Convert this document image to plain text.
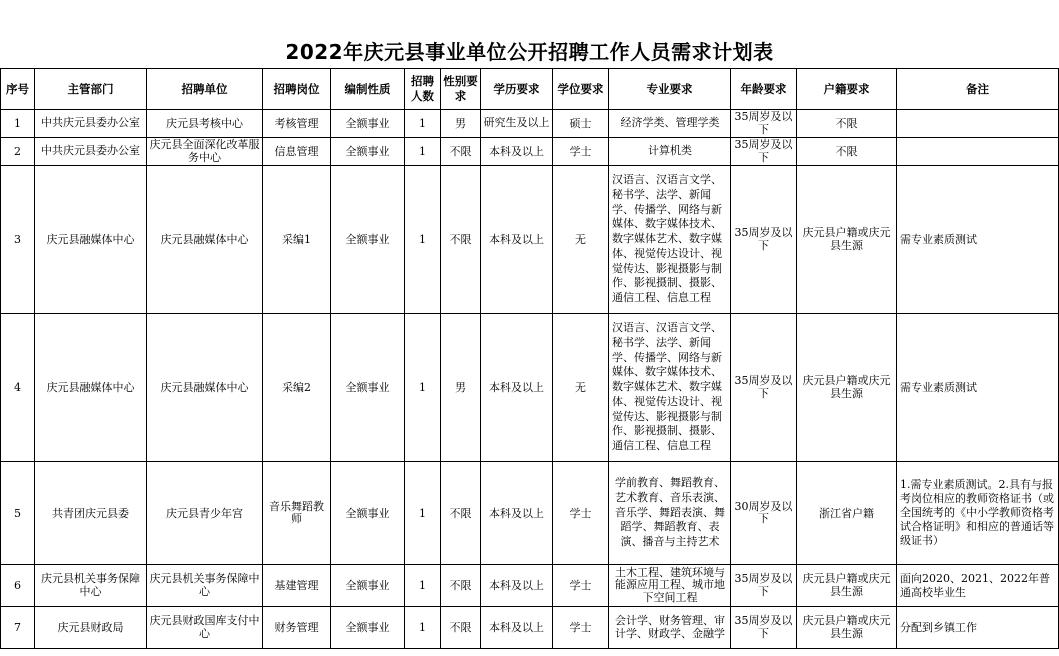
2022年庆元县事业单位公开招聘工作人员需求计划表
序号	主管部门	招聘单位	招聘岗位	编制性质	招聘人数	性别要求	学历要求	学位要求	专业要求	年龄要求	户籍要求	备注
1	中共庆元县委办公室	庆元县考核中心	考核管理	全额事业	1	男	研究生及以上	硕士	经济学类、管理学类	35周岁及以下	不限	
2	中共庆元县委办公室	庆元县全面深化改革服务中心	信息管理	全额事业	1	不限	本科及以上	学士	计算机类	35周岁及以下	不限	
3	庆元县融媒体中心	庆元县融媒体中心	采编1	全额事业	1	不限	本科及以上	无	汉语言、汉语言文学、秘书学、法学、新闻学、传播学、网络与新媒体、数字媒体技术、数字媒体艺术、数字媒体、视觉传达设计、视觉传达、影视摄影与制作、影视摄制、摄影、通信工程、信息工程	35周岁及以下	庆元县户籍或庆元县生源	需专业素质测试
4	庆元县融媒体中心	庆元县融媒体中心	采编2	全额事业	1	男	本科及以上	无	汉语言、汉语言文学、秘书学、法学、新闻学、传播学、网络与新媒体、数字媒体技术、数字媒体艺术、数字媒体、视觉传达设计、视觉传达、影视摄影与制作、影视摄制、摄影、通信工程、信息工程	35周岁及以下	庆元县户籍或庆元县生源	需专业素质测试
5	共青团庆元县委	庆元县青少年宫	音乐舞蹈教师	全额事业	1	不限	本科及以上	学士	学前教育、舞蹈教育、艺术教育、音乐表演、音乐学、舞蹈表演、舞蹈学、舞蹈教育、表演、播音与主持艺术	30周岁及以下	浙江省户籍	1.需专业素质测试。2.具有与报考岗位相应的教师资格证书（或全国统考的《中小学教师资格考试合格证明》和相应的普通话等级证书）
6	庆元县机关事务保障中心	庆元县机关事务保障中心	基建管理	全额事业	1	不限	本科及以上	学士	土木工程、建筑环境与能源应用工程、城市地下空间工程	35周岁及以下	庆元县户籍或庆元县生源	面向2020、2021、2022年普通高校毕业生
7	庆元县财政局	庆元县财政国库支付中心	财务管理	全额事业	1	不限	本科及以上	学士	会计学、财务管理、审计学、财政学、金融学	35周岁及以下	庆元县户籍或庆元县生源	分配到乡镇工作
